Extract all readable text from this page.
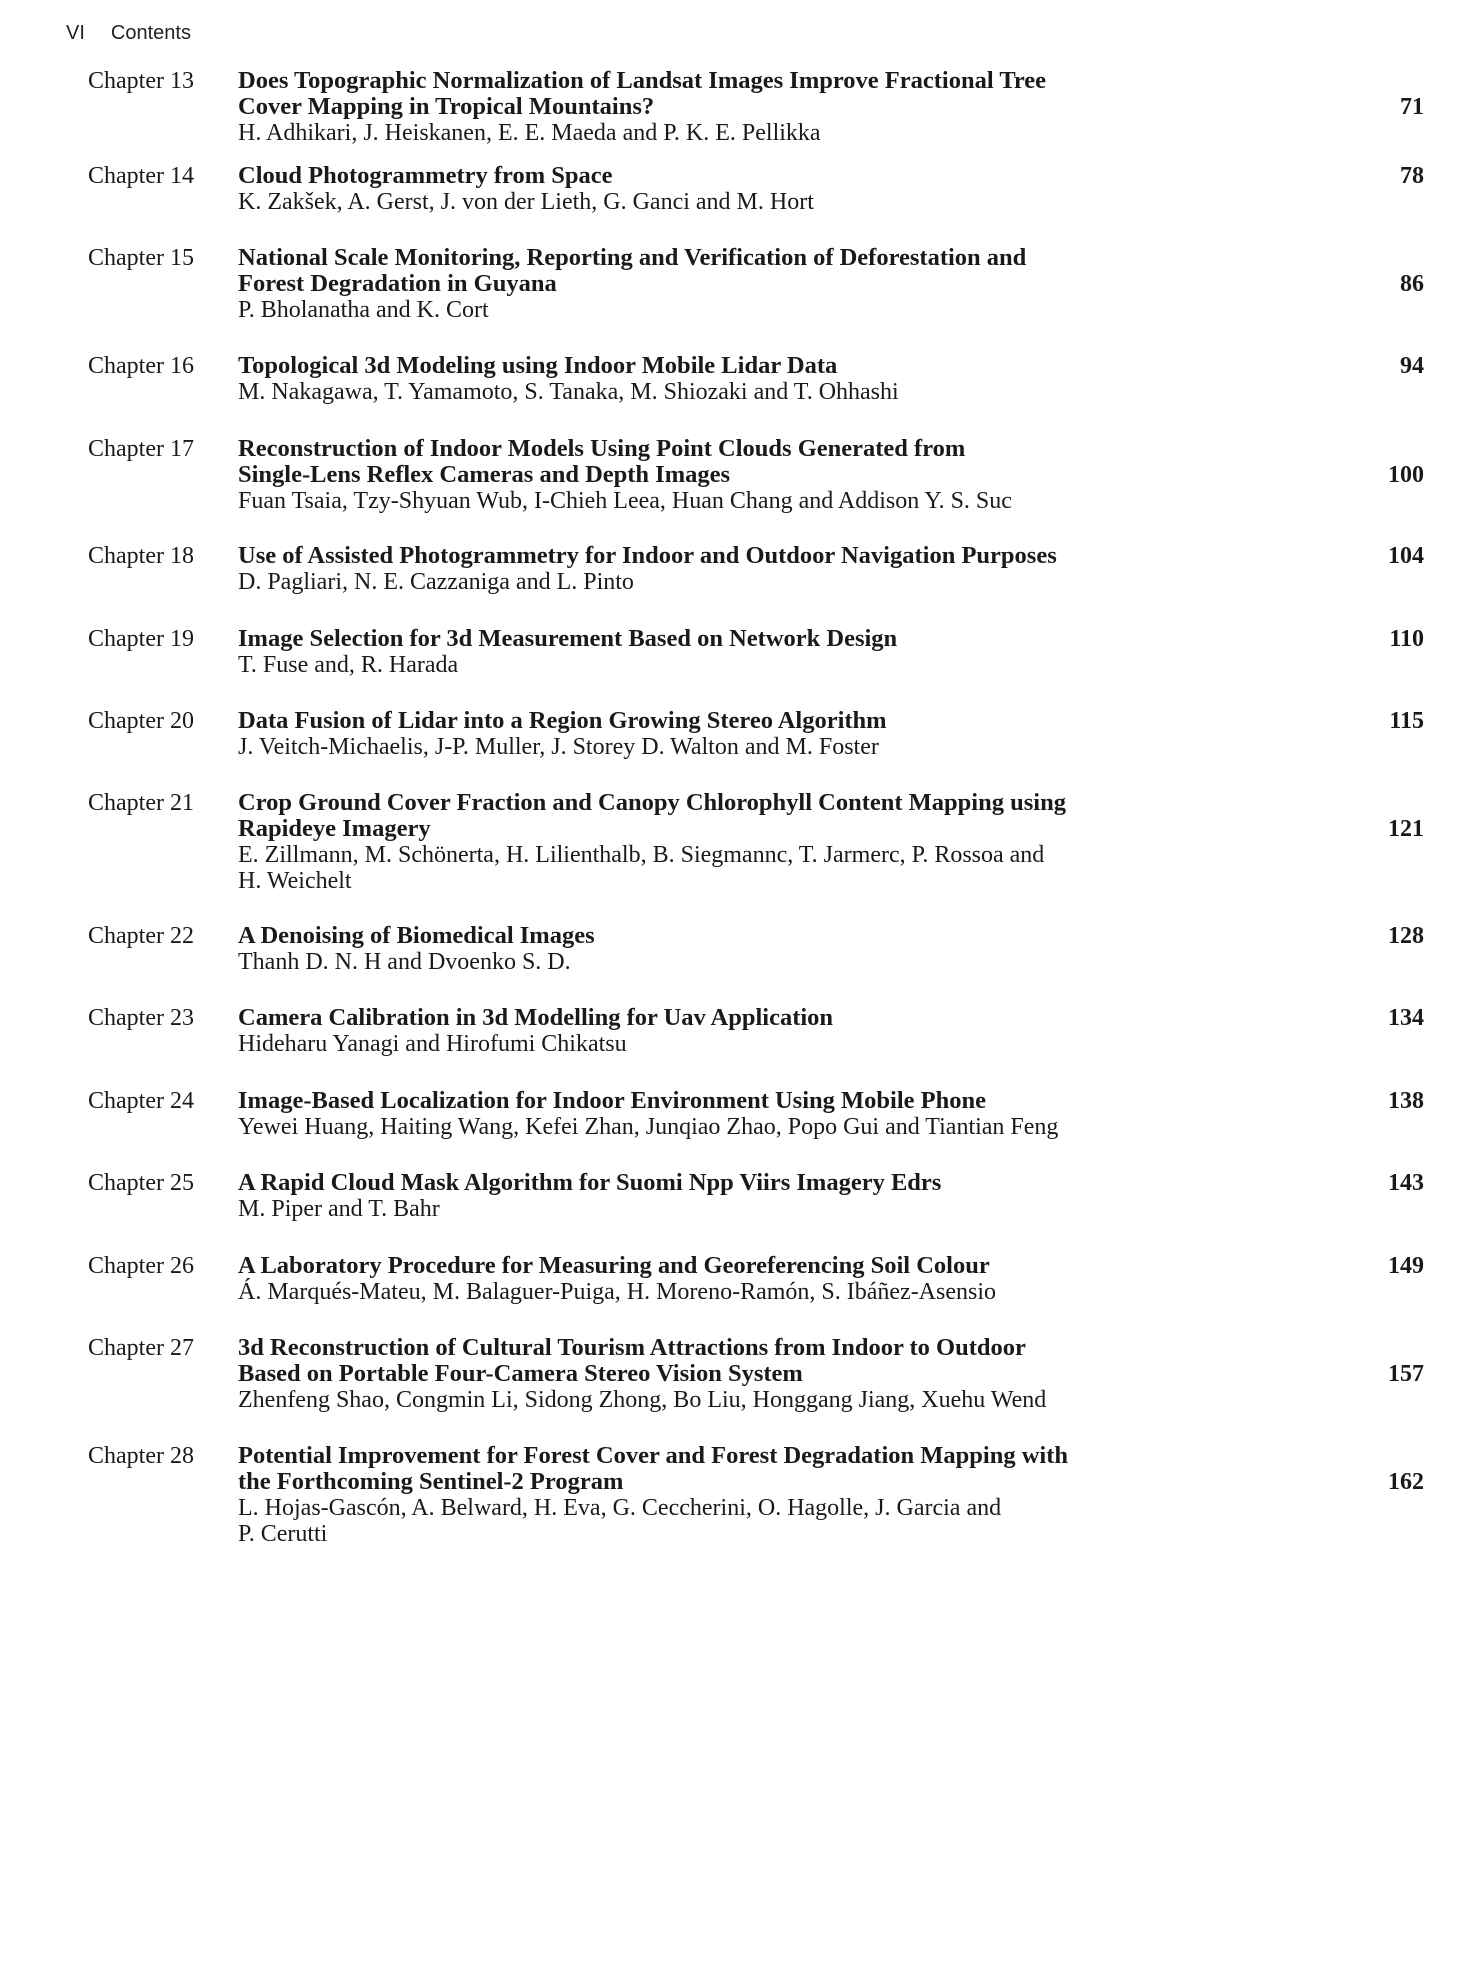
VI Contents
Chapter 13 Does Topographic Normalization of Landsat Images Improve Fractional Tree
Cover Mapping in Tropical Mountains?
H. Adhikari, J. Heiskanen, E. E. Maeda and P. K. E. Pellikka
71
Chapter 14 Cloud Photogrammetry from Space
K. Zakšek, A. Gerst, J. von der Lieth, G. Ganci and M. Hort
78
Chapter 15 National Scale Monitoring, Reporting and Verification of Deforestation and
Forest Degradation in Guyana
P. Bholanatha and K. Cort
86
Chapter 16 Topological 3d Modeling using Indoor Mobile Lidar Data
M. Nakagawa, T. Yamamoto, S. Tanaka, M. Shiozaki and T. Ohhashi
94
Chapter 17 Reconstruction of Indoor Models Using Point Clouds Generated from
Single-Lens Reflex Cameras and Depth Images
Fuan Tsaia, Tzy-Shyuan Wub, I-Chieh Leea, Huan Chang and Addison Y. S. Suc
100
Chapter 18 Use of Assisted Photogrammetry for Indoor and Outdoor Navigation Purposes
D. Pagliari, N. E. Cazzaniga and L. Pinto
104
Chapter 19 Image Selection for 3d Measurement Based on Network Design
T. Fuse and, R. Harada
110
Chapter 20 Data Fusion of Lidar into a Region Growing Stereo Algorithm
J. Veitch-Michaelis, J-P. Muller, J. Storey D. Walton and M. Foster
115
Chapter 21 Crop Ground Cover Fraction and Canopy Chlorophyll Content Mapping using
Rapideye Imagery
E. Zillmann, M. Schönerta, H. Lilienthalb, B. Siegmannc, T. Jarmerc, P. Rossoa and
H. Weichelt
121
Chapter 22 A Denoising of Biomedical Images
Thanh D. N. H and Dvoenko S. D.
128
Chapter 23 Camera Calibration in 3d Modelling for Uav Application
Hideharu Yanagi and Hirofumi Chikatsu
134
Chapter 24 Image-Based Localization for Indoor Environment Using Mobile Phone
Yewei Huang, Haiting Wang, Kefei Zhan, Junqiao Zhao, Popo Gui and Tiantian Feng
138
Chapter 25 A Rapid Cloud Mask Algorithm for Suomi Npp Viirs Imagery Edrs
M. Piper and T. Bahr
143
Chapter 26 A Laboratory Procedure for Measuring and Georeferencing Soil Colour
Á. Marqués-Mateu, M. Balaguer-Puiga, H. Moreno-Ramón, S. Ibáñez-Asensio
149
Chapter 27 3d Reconstruction of Cultural Tourism Attractions from Indoor to Outdoor
Based on Portable Four-Camera Stereo Vision System
Zhenfeng Shao, Congmin Li, Sidong Zhong, Bo Liu, Honggang Jiang, Xuehu Wend
157
Chapter 28 Potential Improvement for Forest Cover and Forest Degradation Mapping with
the Forthcoming Sentinel-2 Program
L. Hojas-Gascón, A. Belward, H. Eva, G. Ceccherini, O. Hagolle, J. Garcia and
P. Cerutti
162
